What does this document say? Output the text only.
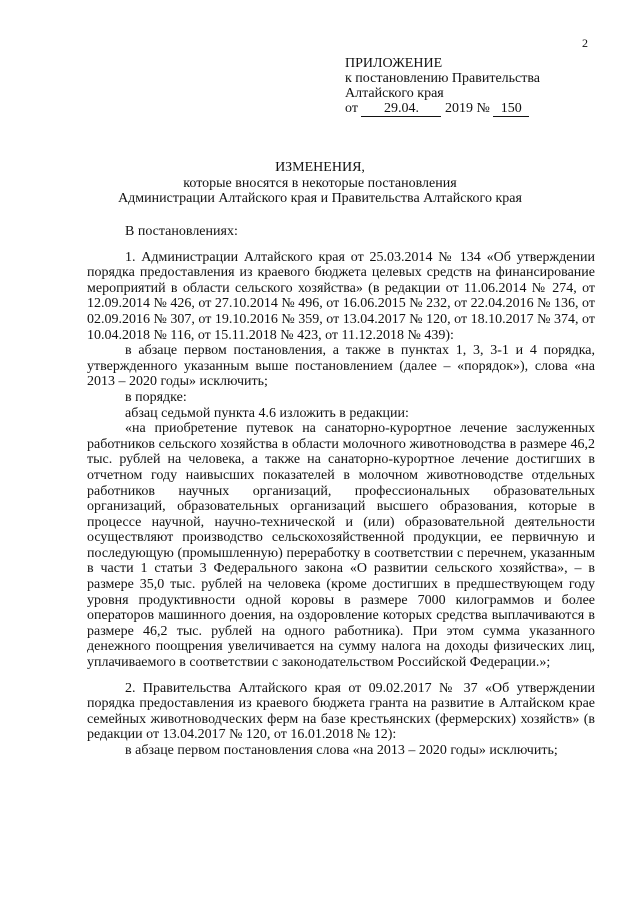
2
ПРИЛОЖЕНИЕ
к постановлению Правительства
Алтайского края
от 29.04. 2019 № 150
ИЗМЕНЕНИЯ,
которые вносятся в некоторые постановления
Администрации Алтайского края и Правительства Алтайского края

В постановлениях:

1. Администрации Алтайского края от 25.03.2014 № 134 «Об утверждении порядка предоставления из краевого бюджета целевых средств на финансирование мероприятий в области сельского хозяйства» (в редакции от 11.06.2014 № 274, от 12.09.2014 № 426, от 27.10.2014 № 496, от 16.06.2015 № 232, от 22.04.2016 № 136, от 02.09.2016 № 307, от 19.10.2016 № 359, от 13.04.2017 № 120, от 18.10.2017 № 374, от 10.04.2018 № 116, от 15.11.2018 № 423, от 11.12.2018 № 439):

в абзаце первом постановления, а также в пунктах 1, 3, 3-1 и 4 порядка, утвержденного указанным выше постановлением (далее – «порядок»), слова «на 2013 – 2020 годы» исключить;

в порядке:

абзац седьмой пункта 4.6 изложить в редакции:

«на приобретение путевок на санаторно-курортное лечение заслуженных работников сельского хозяйства в области молочного животноводства в размере 46,2 тыс. рублей на человека, а также на санаторно-курортное лечение достигших в отчетном году наивысших показателей в молочном животноводстве отдельных работников научных организаций, профессиональных образовательных организаций, образовательных организаций высшего образования, которые в процессе научной, научно-технической и (или) образовательной деятельности осуществляют производство сельскохозяйственной продукции, ее первичную и последующую (промышленную) переработку в соответствии с перечнем, указанным в части 1 статьи 3 Федерального закона «О развитии сельского хозяйства», – в размере 35,0 тыс. рублей на человека (кроме достигших в предшествующем году уровня продуктивности одной коровы в размере 7000 килограммов и более операторов машинного доения, на оздоровление которых средства выплачиваются в размере 46,2 тыс. рублей на одного работника). При этом сумма указанного денежного поощрения увеличивается на сумму налога на доходы физических лиц, уплачиваемого в соответствии с законодательством Российской Федерации.»;

2. Правительства Алтайского края от 09.02.2017 № 37 «Об утверждении порядка предоставления из краевого бюджета гранта на развитие в Алтайском крае семейных животноводческих ферм на базе крестьянских (фермерских) хозяйств» (в редакции от 13.04.2017 № 120, от 16.01.2018 № 12):

в абзаце первом постановления слова «на 2013 – 2020 годы» исключить;
